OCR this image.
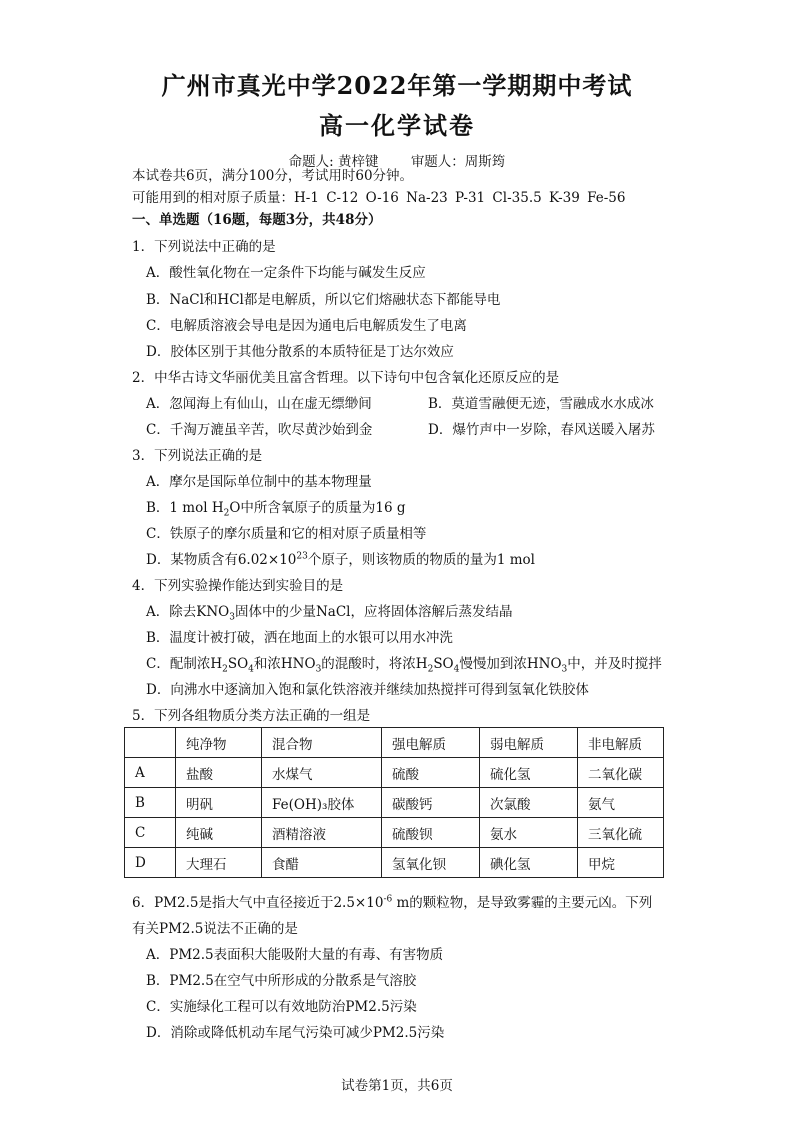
广州市真光中学2022年第一学期期中考试
高一化学试卷
命题人: 黄梓键 审题人：周斯筠
本试卷共6页，满分100分，考试用时60分钟。
可能用到的相对原子质量：H-1 C-12 O-16 Na-23 P-31 Cl-35.5 K-39 Fe-56
一、单选题（16题，每题3分，共48分）
1．下列说法中正确的是
A．酸性氧化物在一定条件下均能与碱发生反应
B．NaCl和HCl都是电解质，所以它们熔融状态下都能导电
C．电解质溶液会导电是因为通电后电解质发生了电离
D．胶体区别于其他分散系的本质特征是丁达尔效应
2．中华古诗文华丽优美且富含哲理。以下诗句中包含氧化还原反应的是
A．忽闻海上有仙山，山在虚无缥缈间	B．莫道雪融便无迹，雪融成水水成冰
C．千淘万漉虽辛苦，吹尽黄沙始到金	D．爆竹声中一岁除，春风送暖入屠苏
3．下列说法正确的是
A．摩尔是国际单位制中的基本物理量
B．1 mol $H_2O$中所含氧原子的质量为16 g
C．铁原子的摩尔质量和它的相对原子质量相等
D．某物质含有$6.02\times 10^{23}$个原子，则该物质的物质的量为1 mol
4．下列实验操作能达到实验目的是
A．除去$KNO_3$固体中的少量NaCl，应将固体溶解后蒸发结晶
B．温度计被打破，洒在地面上的水银可以用水冲洗
C．配制浓$H_2SO_4$和浓$HNO_3$的混酸时，将浓$H_2SO_4$慢慢加到浓$HNO_3$中，并及时搅拌
D．向沸水中逐滴加入饱和氯化铁溶液并继续加热搅拌可得到氢氧化铁胶体
5．下列各组物质分类方法正确的一组是
	纯净物	混合物	强电解质	弱电解质	非电解质
A	盐酸	水煤气	硫酸	硫化氢	二氧化碳
B	明矾	Fe(OH)₃胶体	碳酸钙	次氯酸	氨气
C	纯碱	酒精溶液	硫酸钡	氨水	三氧化硫
D	大理石	食醋	氢氧化钡	碘化氢	甲烷
6．PM2.5是指大气中直径接近于$2.5\times 10^{-6}$ m的颗粒物，是导致雾霾的主要元凶。下列
有关PM2.5说法不正确的是
A．PM2.5表面积大能吸附大量的有毒、有害物质
B．PM2.5在空气中所形成的分散系是气溶胶
C．实施绿化工程可以有效地防治PM2.5污染
D．消除或降低机动车尾气污染可减少PM2.5污染
试卷第1页，共6页
